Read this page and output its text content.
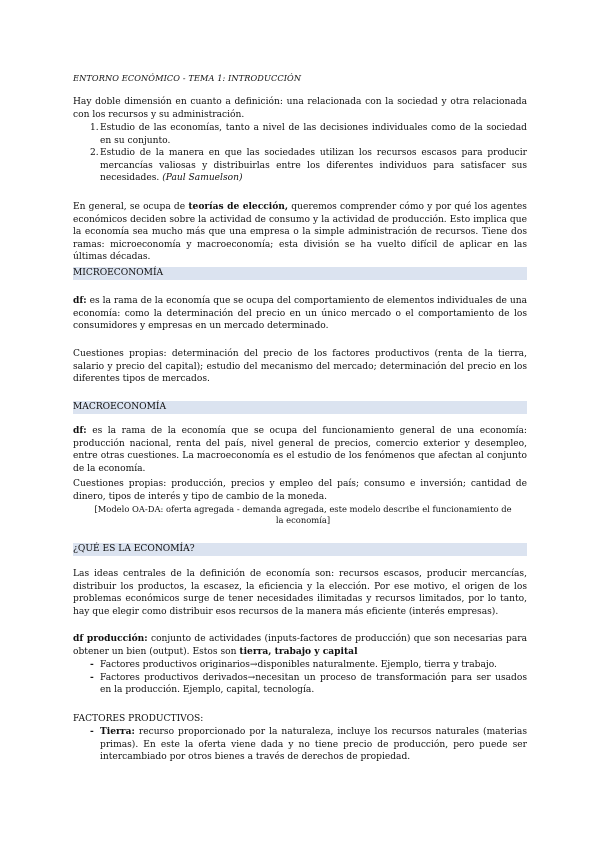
ENTORNO ECONÓMICO - TEMA 1: INTRODUCCIÓN

Hay doble dimensión en cuanto a definición: una relacionada con la sociedad y otra relacionada con los recursos y su administración.

1. Estudio de las economías, tanto a nivel de las decisiones individuales como de la sociedad en su conjunto.
2. Estudio de la manera en que las sociedades utilizan los recursos escasos para producir mercancías valiosas y distribuirlas entre los diferentes individuos para satisfacer sus necesidades. (Paul Samuelson)

En general, se ocupa de teorías de elección, queremos comprender cómo y por qué los agentes económicos deciden sobre la actividad de consumo y la actividad de producción. Esto implica que la economía sea mucho más que una empresa o la simple administración de recursos. Tiene dos ramas: microeconomía y macroeconomía; esta división se ha vuelto difícil de aplicar en las últimas décadas.

MICROECONOMÍA

df: es la rama de la economía que se ocupa del comportamiento de elementos individuales de una economía: como la determinación del precio en un único mercado o el comportamiento de los consumidores y empresas en un mercado determinado.

Cuestiones propias: determinación del precio de los factores productivos (renta de la tierra, salario y precio del capital); estudio del mecanismo del mercado; determinación del precio en los diferentes tipos de mercados.

MACROECONOMÍA

df: es la rama de la economía que se ocupa del funcionamiento general de una economía: producción nacional, renta del país, nivel general de precios, comercio exterior y desempleo, entre otras cuestiones. La macroeconomía es el estudio de los fenómenos que afectan al conjunto de la economía.

Cuestiones propias: producción, precios y empleo del país; consumo e inversión; cantidad de dinero, tipos de interés y tipo de cambio de la moneda.

[Modelo OA-DA: oferta agregada - demanda agregada, este modelo describe el funcionamiento de la economía]
¿QUÉ ES LA ECONOMÍA?

Las ideas centrales de la definición de economía son: recursos escasos, producir mercancías, distribuir los productos, la escasez, la eficiencia y la elección. Por ese motivo, el origen de los problemas económicos surge de tener necesidades ilimitadas y recursos limitados, por lo tanto, hay que elegir como distribuir esos recursos de la manera más eficiente (interés empresas).

df producción: conjunto de actividades (inputs-factores de producción) que son necesarias para obtener un bien (output). Estos son tierra, trabajo y capital

- Factores productivos originarios→disponibles naturalmente. Ejemplo, tierra y trabajo.
- Factores productivos derivados→necesitan un proceso de transformación para ser usados en la producción. Ejemplo, capital, tecnología.
FACTORES PRODUCTIVOS:
- Tierra: recurso proporcionado por la naturaleza, incluye los recursos naturales (materias primas). En este la oferta viene dada y no tiene precio de producción, pero puede ser intercambiado por otros bienes a través de derechos de propiedad.
